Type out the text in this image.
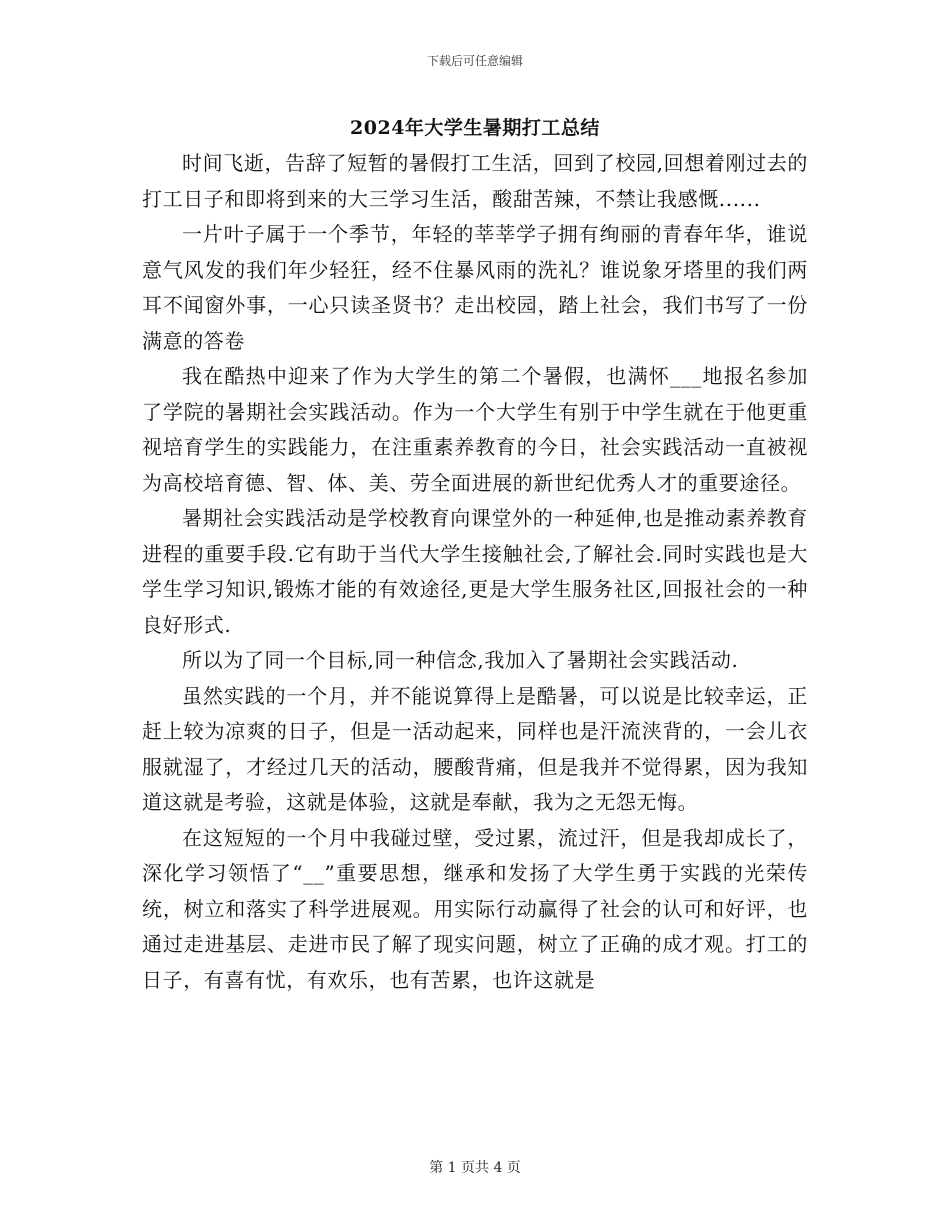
下载后可任意编辑
2024年大学生暑期打工总结

时间飞逝，告辞了短暂的暑假打工生活，回到了校园,回想着刚过去的打工日子和即将到来的大三学习生活，酸甜苦辣，不禁让我感慨......

一片叶子属于一个季节，年轻的莘莘学子拥有绚丽的青春年华，谁说意气风发的我们年少轻狂，经不住暴风雨的洗礼？谁说象牙塔里的我们两耳不闻窗外事，一心只读圣贤书？走出校园，踏上社会，我们书写了一份满意的答卷

我在酷热中迎来了作为大学生的第二个暑假，也满怀___地报名参加了学院的暑期社会实践活动。作为一个大学生有别于中学生就在于他更重视培育学生的实践能力，在注重素养教育的今日，社会实践活动一直被视为高校培育德、智、体、美、劳全面进展的新世纪优秀人才的重要途径。

暑期社会实践活动是学校教育向课堂外的一种延伸,也是推动素养教育进程的重要手段.它有助于当代大学生接触社会,了解社会.同时实践也是大学生学习知识,锻炼才能的有效途径,更是大学生服务社区,回报社会的一种良好形式.

所以为了同一个目标,同一种信念,我加入了暑期社会实践活动.

虽然实践的一个月，并不能说算得上是酷暑，可以说是比较幸运，正赶上较为凉爽的日子，但是一活动起来，同样也是汗流浃背的，一会儿衣服就湿了，才经过几天的活动，腰酸背痛，但是我并不觉得累，因为我知道这就是考验，这就是体验，这就是奉献，我为之无怨无悔。

在这短短的一个月中我碰过壁，受过累，流过汗，但是我却成长了，深化学习领悟了“__”重要思想，继承和发扬了大学生勇于实践的光荣传统，树立和落实了科学进展观。用实际行动赢得了社会的认可和好评，也通过走进基层、走进市民了解了现实问题，树立了正确的成才观。打工的日子，有喜有忧，有欢乐，也有苦累，也许这就是

第 1 页共 4 页
